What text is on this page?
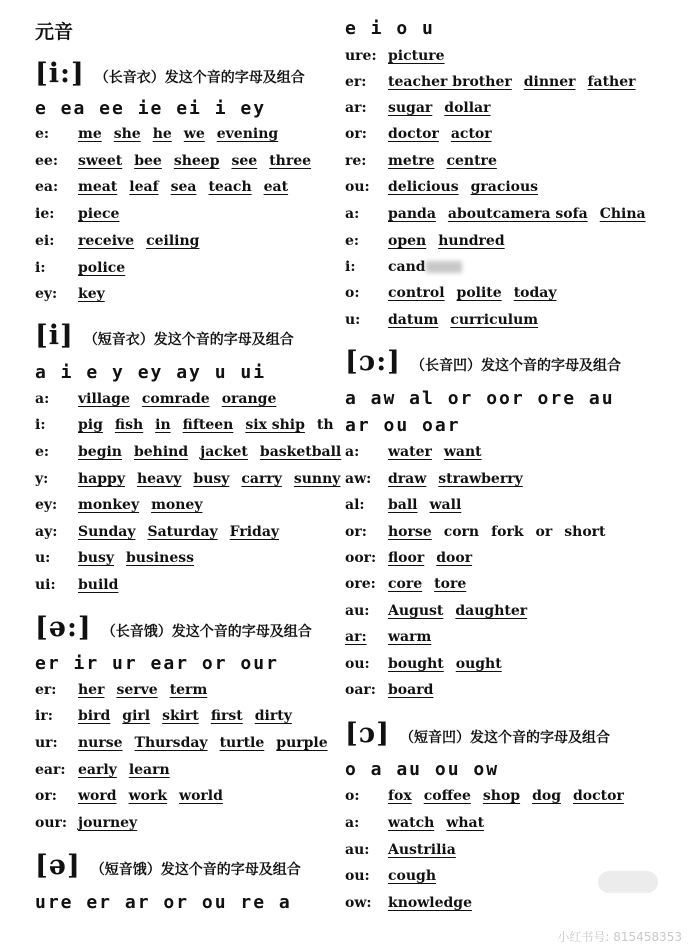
元音
[i:] （长音衣）发这个音的字母及组合
e ea ee ie ei i ey
e: me she he we evening
ee: sweet bee sheep see three
ea: meat leaf sea teach eat
ie: piece
ei: receive ceiling
i: police
ey: key
[i] （短音衣）发这个音的字母及组合
a i e y ey ay u ui
a: village comrade orange
i: pig fish in fifteen six ship th
e: begin behind jacket basketball
y: happy heavy busy carry sunny
ey: monkey money
ay: Sunday Saturday Friday
u: busy business
ui: build
[ə:] （长音饿）发这个音的字母及组合
er ir ur ear or our
er: her serve term
ir: bird girl skirt first dirty
ur: nurse Thursday turtle purple
ear: early learn
or: word work world
our: journey
[ə] （短音饿）发这个音的字母及组合
ure er ar or ou re a
e i o u
ure: picture
er: teacher brother dinner father
ar: sugar dollar
or: doctor actor
re: metre centre
ou: delicious gracious
a: panda aboutcamera sofa China
e: open hundred
i: cand
o: control polite today
u: datum curriculum
[ɔ:] （长音凹）发这个音的字母及组合
a aw al or oor ore au
ar ou oar
a: water want
aw: draw strawberry
al: ball wall
or: horse corn fork or short
oor: floor door
ore: core tore
au: August daughter
ar: warm
ou: bought ought
oar: board
[ɔ] （短音凹）发这个音的字母及组合
o a au ou ow
o: fox coffee shop dog doctor
a: watch what
au: Austrilia
ou: cough
ow: knowledge
小红书号: 815458353
